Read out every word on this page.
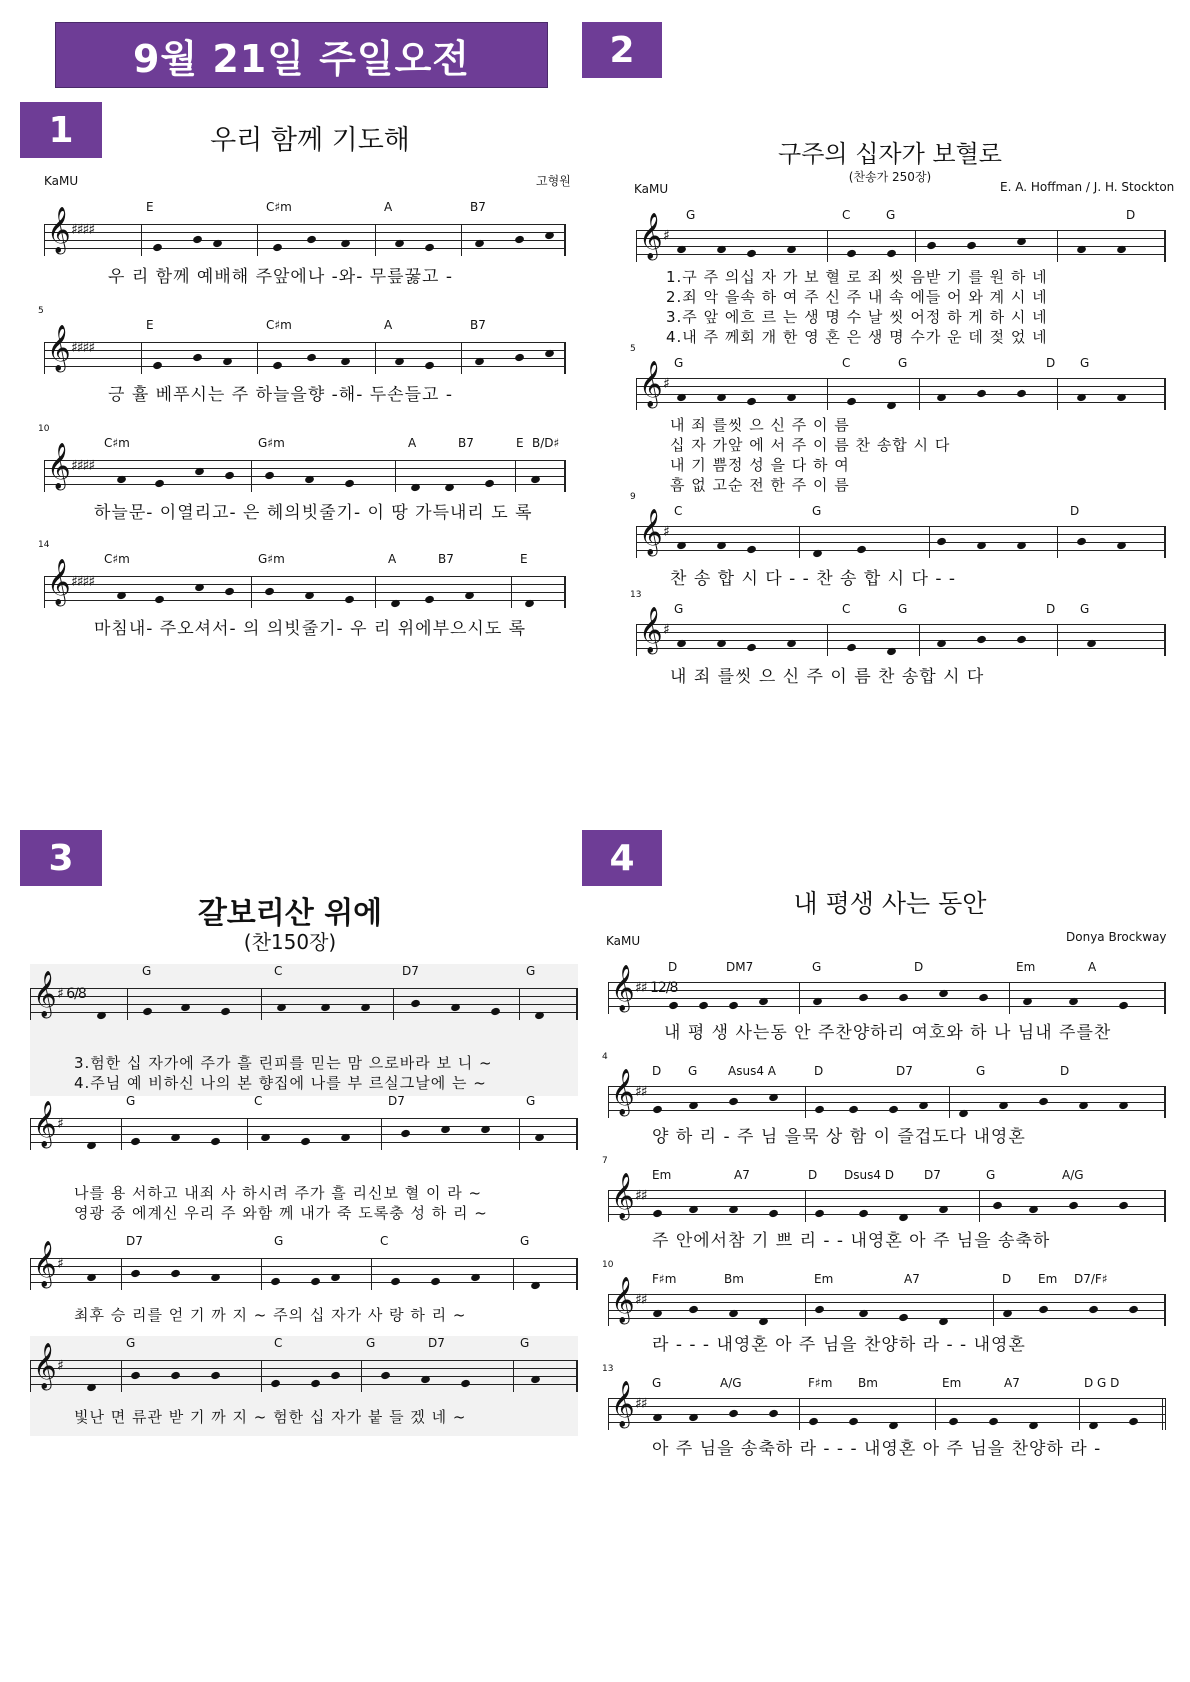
9월 21일 주일오전	2
1	우리 함께 기도해
KaMU	고형원
E	C♯m	A	B7
𝄞 ♯♯♯♯
우 리 함께 예배해 주앞에나 -와- 무릎꿇고 -
5
E	C♯m	A	B7
𝄞 ♯♯♯♯
긍 휼 베푸시는 주 하늘을향 -해- 두손들고 -
10
C♯m	G♯m	A	B7	E B/D♯
𝄞 ♯♯♯♯
하늘문- 이열리고- 은 헤의빗줄기- 이 땅 가득내리 도 록
14
C♯m	G♯m	A	B7	E
𝄞 ♯♯♯♯
마침내- 주오셔서- 의 의빗줄기- 우 리 위에부으시도 록
구주의 십자가 보혈로
(찬송가 250장)
KaMU	E. A. Hoffman / J. H. Stockton
G	C	G	D
𝄞 ♯
1.구 주 의십 자 가 보 혈 로 죄 씻 음받 기 를 원 하 네
2.죄 악 을속 하 여 주 신 주 내 속 에들 어 와 계 시 네
3.주 앞 에흐 르 는 생 명 수 날 씻 어정 하 게 하 시 네
4.내 주 께회 개 한 영 혼 은 생 명 수가 운 데 젖 었 네
5
G	C	G	D G
𝄞 ♯
내 죄 를씻 으 신 주 이 름
십 자 가앞 에 서 주 이 름 찬 송합 시 다
내 기 쁨정 성 을 다 하 여
흠 없 고순 전 한 주 이 름
9
C	G	D
𝄞 ♯
찬 송 합 시 다 - - 찬 송 합 시 다 - -
13
G	C	G	D G
𝄞 ♯
내 죄 를씻 으 신 주 이 름 찬 송합 시 다
3
갈보리산 위에
(찬150장)
G	C	D7	G
𝄞 ♯ 6/8
3.험한 십 자가에 주가 흘 린피를 믿는 맘 으로바라 보 니 ~
4.주님 예 비하신 나의 본 향집에 나를 부 르실그날에 는 ~
G	C	D7	G
𝄞 ♯
나를 용 서하고 내죄 사 하시려 주가 흘 리신보 혈 이 라 ~
영광 중 에계신 우리 주 와함 께 내가 죽 도록충 성 하 리 ~
D7	G	C	G
𝄞 ♯
최후 승 리를 얻 기 까 지 ~ 주의 십 자가 사 랑 하 리 ~
G	C	G	D7	G
𝄞 ♯
빛난 면 류관 받 기 까 지 ~ 험한 십 자가 붙 들 겠 네 ~
4
내 평생 사는 동안
KaMU	Donya Brockway
D	DM7	G	D	Em	A
𝄞 ♯♯ 12/8
내 평 생 사는동 안 주찬양하리 여호와 하 나 님내 주를찬
4
D G	Asus4 A	D	D7	G	D
𝄞 ♯♯
양 하 리 - 주 님 을묵 상 함 이 즐겁도다 내영혼
7
Em	A7	D Dsus4 D D7	G	A/G
𝄞 ♯♯
주 안에서참 기 쁘 리 - - 내영혼 아 주 님을 송축하
10
F♯m	Bm	Em	A7	D Em D7/F♯
𝄞 ♯♯
라 - - - 내영혼 아 주 님을 찬양하 라 - - 내영혼
13
G	A/G	F♯m Bm	Em	A7	D G D
𝄞 ♯♯
아 주 님을 송축하 라 - - - 내영혼 아 주 님을 찬양하 라 -
